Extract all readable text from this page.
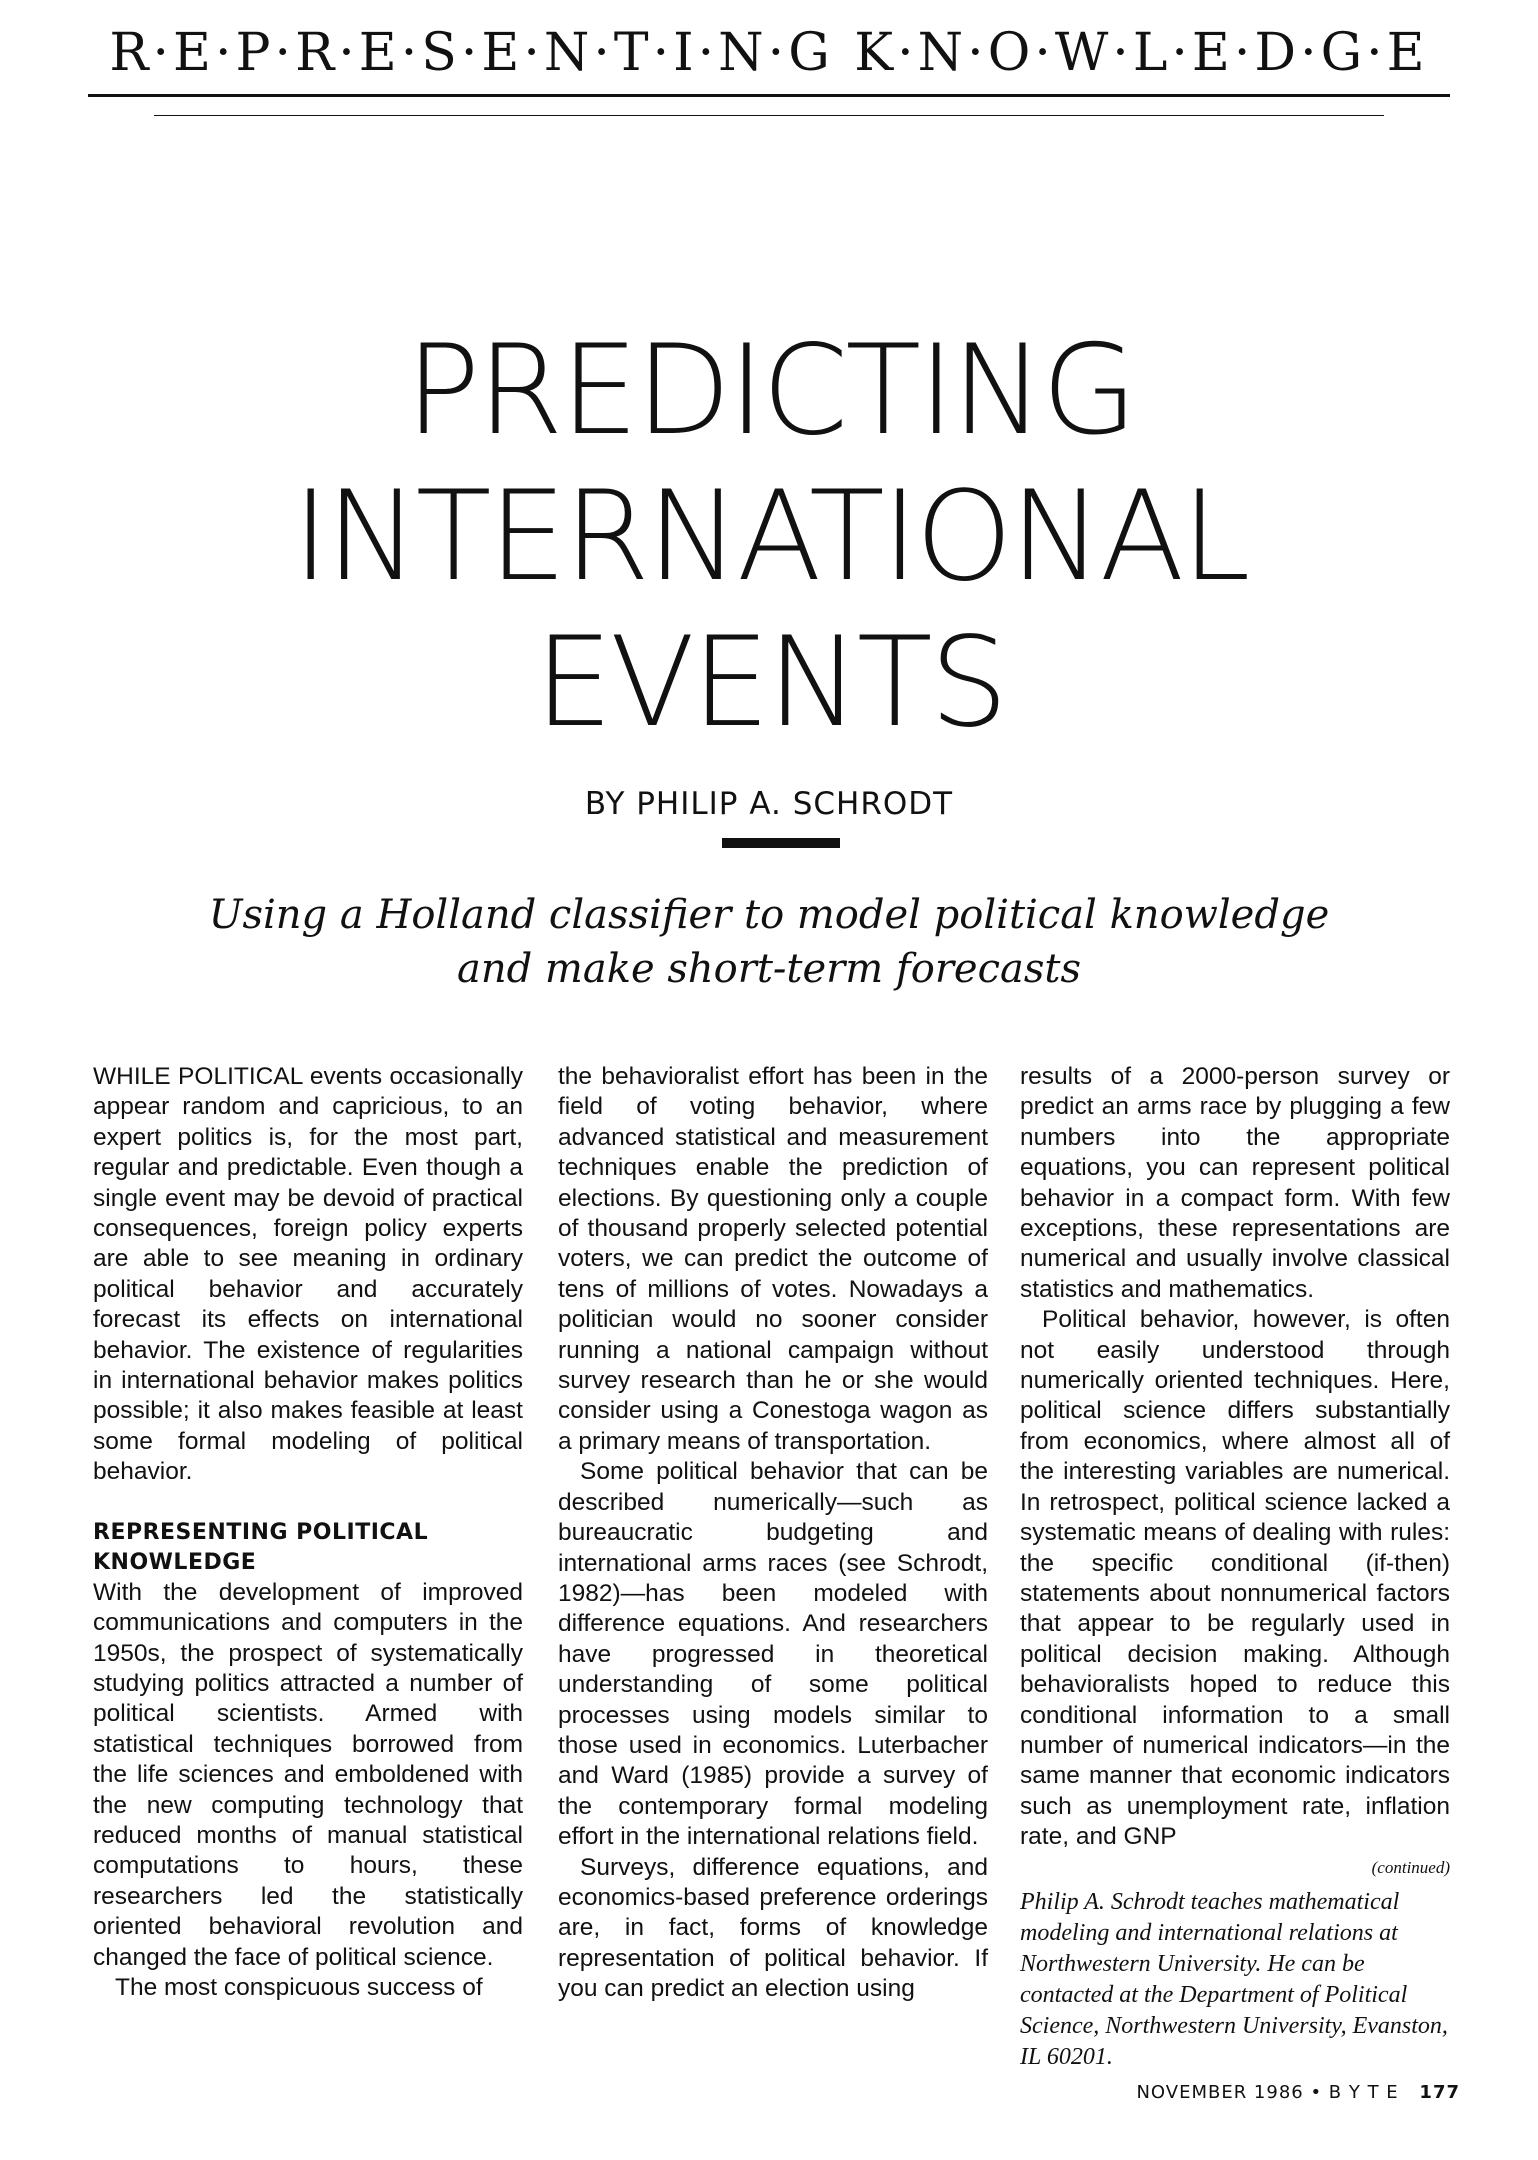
R·E·P·R·E·S·E·N·T·I·N·G K·N·O·W·L·E·D·G·E
PREDICTING
INTERNATIONAL
EVENTS
BY PHILIP A. SCHRODT
Using a Holland classifier to model political knowledge
and make short-term forecasts

WHILE POLITICAL events occasionally appear random and capricious, to an expert politics is, for the most part, regular and predictable. Even though a single event may be devoid of practical consequences, foreign policy experts are able to see meaning in ordinary political behavior and accurately forecast its effects on international behavior. The existence of regularities in international behavior makes politics possible; it also makes feasible at least some formal modeling of political behavior.

REPRESENTING POLITICAL KNOWLEDGE

With the development of improved communications and computers in the 1950s, the prospect of systematically studying politics attracted a number of political scientists. Armed with statistical techniques borrowed from the life sciences and emboldened with the new computing technology that reduced months of manual statistical computations to hours, these researchers led the statistically oriented behavioral revolution and changed the face of political science.

The most conspicuous success of

the behavioralist effort has been in the field of voting behavior, where advanced statistical and measurement techniques enable the prediction of elections. By questioning only a couple of thousand properly selected potential voters, we can predict the outcome of tens of millions of votes. Nowadays a politician would no sooner consider running a national campaign without survey research than he or she would consider using a Conestoga wagon as a primary means of transportation.

Some political behavior that can be described numerically—such as bureaucratic budgeting and international arms races (see Schrodt, 1982)—has been modeled with difference equations. And researchers have progressed in theoretical understanding of some political processes using models similar to those used in economics. Luterbacher and Ward (1985) provide a survey of the contemporary formal modeling effort in the international relations field.

Surveys, difference equations, and economics-based preference orderings are, in fact, forms of knowledge representation of political behavior. If you can predict an election using

results of a 2000-person survey or predict an arms race by plugging a few numbers into the appropriate equations, you can represent political behavior in a compact form. With few exceptions, these representations are numerical and usually involve classical statistics and mathematics.

Political behavior, however, is often not easily understood through numerically oriented techniques. Here, political science differs substantially from economics, where almost all of the interesting variables are numerical. In retrospect, political science lacked a systematic means of dealing with rules: the specific conditional (if-then) statements about nonnumerical factors that appear to be regularly used in political decision making. Although behavioralists hoped to reduce this conditional information to a small number of numerical indicators—in the same manner that economic indicators such as unemployment rate, inflation rate, and GNP

(continued)
Philip A. Schrodt teaches mathematical modeling and international relations at Northwestern University. He can be contacted at the Department of Political Science, Northwestern University, Evanston, IL 60201.
NOVEMBER 1986 • B Y T E 177
